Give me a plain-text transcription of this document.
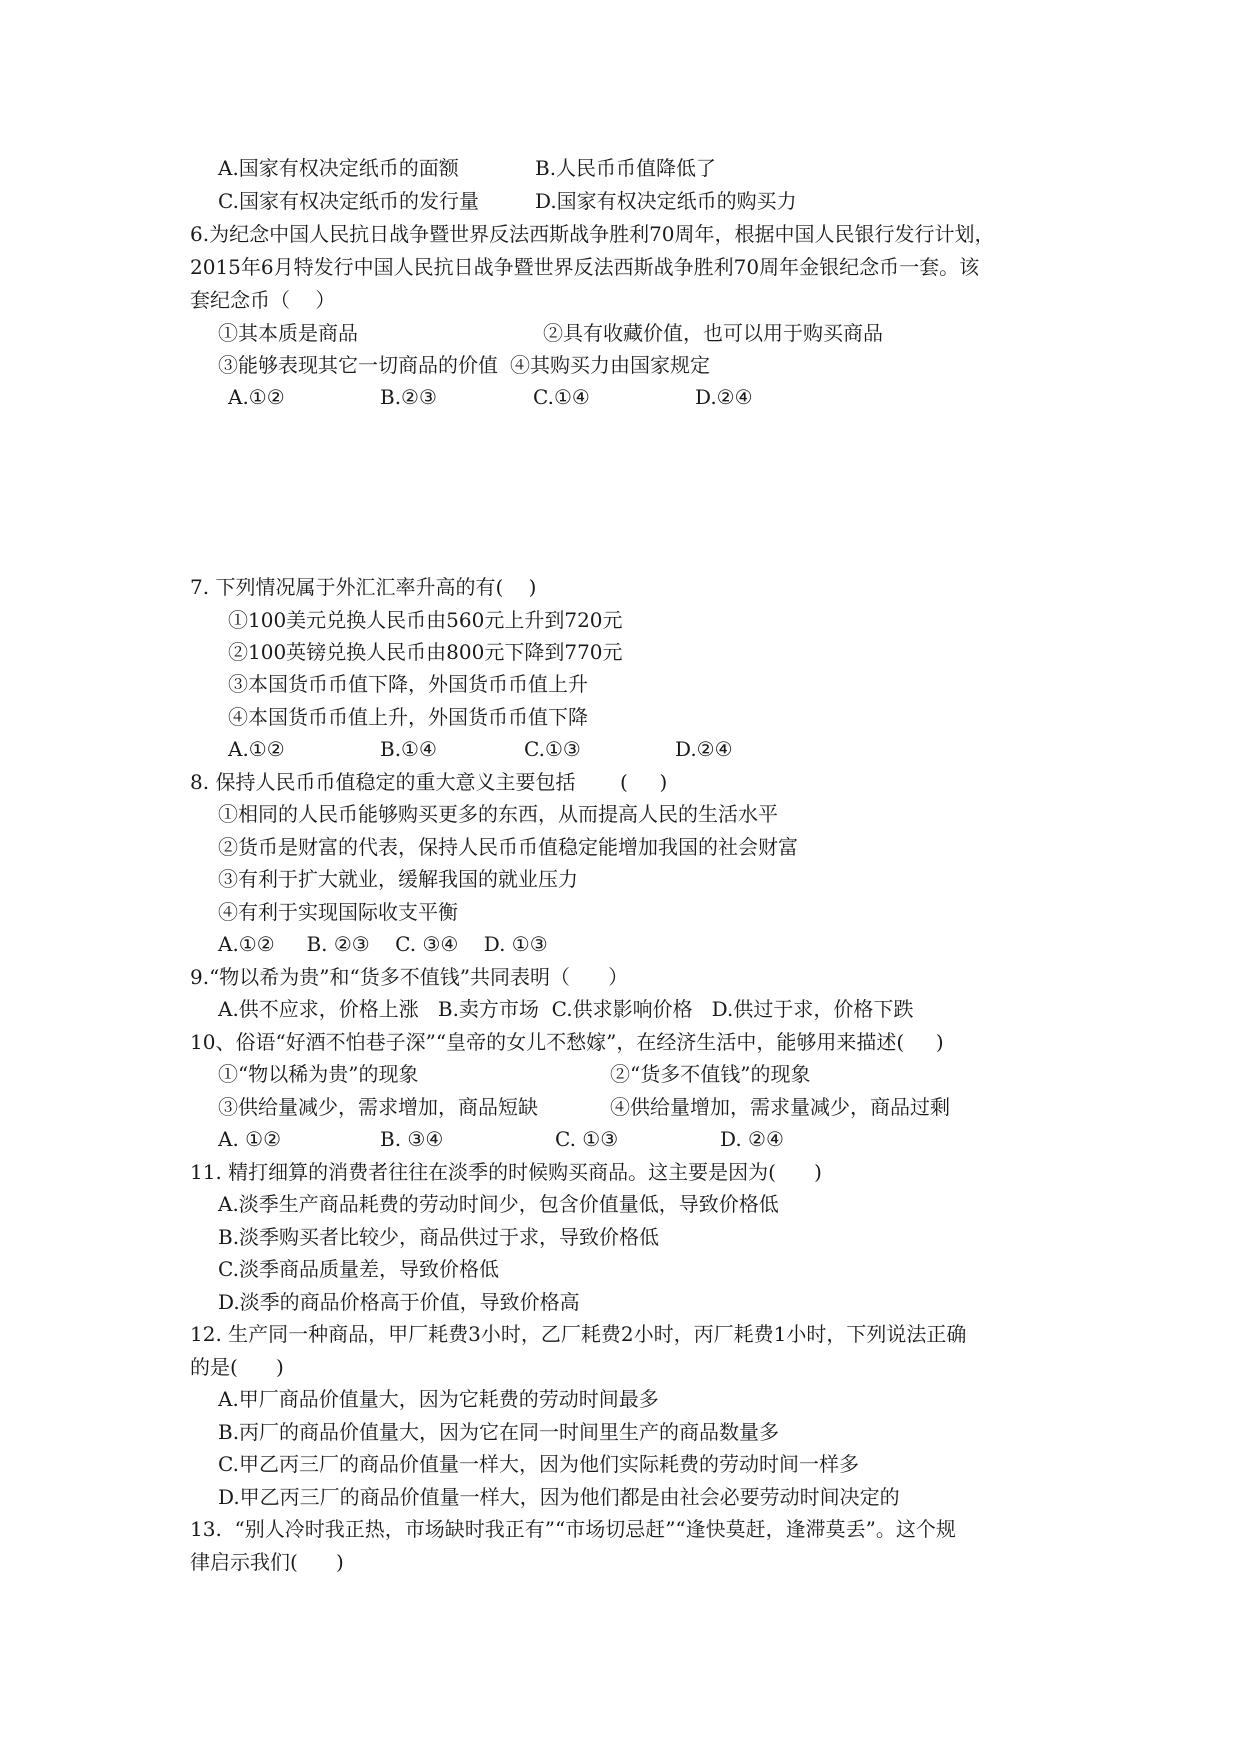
A.国家有权决定纸币的面额	B.人民币币值降低了
C.国家有权决定纸币的发行量	D.国家有权决定纸币的购买力
6.为纪念中国人民抗日战争暨世界反法西斯战争胜利70周年，根据中国人民银行发行计划，
2015年6月特发行中国人民抗日战争暨世界反法西斯战争胜利70周年金银纪念币一套。该
套纪念币（    ）
①其本质是商品	②具有收藏价值，也可以用于购买商品
③能够表现其它一切商品的价值 ④其购买力由国家规定
A.①②	B.②③	C.①④	D.②④
7. 下列情况属于外汇汇率升高的有(    )
①100美元兑换人民币由560元上升到720元
②100英镑兑换人民币由800元下降到770元
③本国货币币值下降，外国货币币值上升
④本国货币币值上升，外国货币币值下降
A.①②	B.①④	C.①③	D.②④
8. 保持人民币币值稳定的重大意义主要包括       (     )
①相同的人民币能够购买更多的东西，从而提高人民的生活水平
②货币是财富的代表，保持人民币币值稳定能增加我国的社会财富
③有利于扩大就业，缓解我国的就业压力
④有利于实现国际收支平衡
A.①②     B. ②③    C. ③④    D. ①③
9.“物以希为贵”和“货多不值钱”共同表明（      ）
A.供不应求，价格上涨   B.卖方市场  C.供求影响价格   D.供过于求，价格下跌
10、俗语“好酒不怕巷子深”“皇帝的女儿不愁嫁”，在经济生活中，能够用来描述(     )
①“物以稀为贵”的现象	②“货多不值钱”的现象
③供给量减少，需求增加，商品短缺	④供给量增加，需求量减少，商品过剩
A. ①②	B. ③④	C. ①③	D. ②④
11. 精打细算的消费者往往在淡季的时候购买商品。这主要是因为(      )
A.淡季生产商品耗费的劳动时间少，包含价值量低，导致价格低
B.淡季购买者比较少，商品供过于求，导致价格低
C.淡季商品质量差，导致价格低
D.淡季的商品价格高于价值，导致价格高
12. 生产同一种商品，甲厂耗费3小时，乙厂耗费2小时，丙厂耗费1小时，下列说法正确
的是(      )
A.甲厂商品价值量大，因为它耗费的劳动时间最多
B.丙厂的商品价值量大，因为它在同一时间里生产的商品数量多
C.甲乙丙三厂的商品价值量一样大，因为他们实际耗费的劳动时间一样多
D.甲乙丙三厂的商品价值量一样大，因为他们都是由社会必要劳动时间决定的
13.  “别人冷时我正热，市场缺时我正有”“市场切忌赶”“逢快莫赶，逢滞莫丢”。这个规
律启示我们(      )
